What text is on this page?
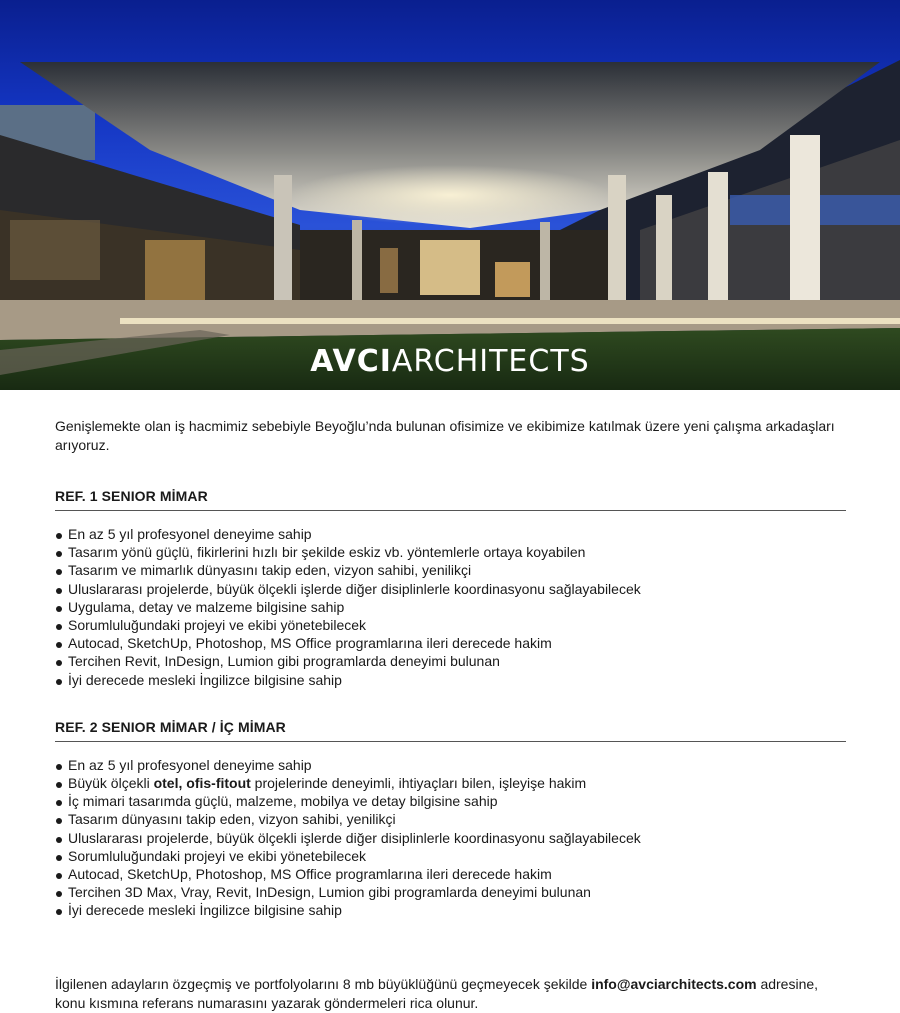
AVCIARCHITECTS

Genişlemekte olan iş hacmimiz sebebiyle Beyoğlu’nda bulunan ofisimize ve ekibimize katılmak üzere yeni çalışma arkadaşları arıyoruz.

REF. 1 SENIOR MİMAR
En az 5 yıl profesyonel deneyime sahip
Tasarım yönü güçlü, fikirlerini hızlı bir şekilde eskiz vb. yöntemlerle ortaya koyabilen
Tasarım ve mimarlık dünyasını takip eden, vizyon sahibi, yenilikçi
Uluslararası projelerde, büyük ölçekli işlerde diğer disiplinlerle koordinasyonu sağlayabilecek
Uygulama, detay ve malzeme bilgisine sahip
Sorumluluğundaki projeyi ve ekibi yönetebilecek
Autocad, SketchUp, Photoshop, MS Office programlarına ileri derecede hakim
Tercihen Revit, InDesign, Lumion gibi programlarda deneyimi bulunan
İyi derecede mesleki İngilizce bilgisine sahip
REF. 2 SENIOR MİMAR / İÇ MİMAR
En az 5 yıl profesyonel deneyime sahip
Büyük ölçekli otel, ofis-fitout projelerinde deneyimli, ihtiyaçları bilen, işleyişe hakim
İç mimari tasarımda güçlü, malzeme, mobilya ve detay bilgisine sahip
Tasarım dünyasını takip eden, vizyon sahibi, yenilikçi
Uluslararası projelerde, büyük ölçekli işlerde diğer disiplinlerle koordinasyonu sağlayabilecek
Sorumluluğundaki projeyi ve ekibi yönetebilecek
Autocad, SketchUp, Photoshop, MS Office programlarına ileri derecede hakim
Tercihen 3D Max, Vray, Revit, InDesign, Lumion gibi programlarda deneyimi bulunan
İyi derecede mesleki İngilizce bilgisine sahip

İlgilenen adayların özgeçmiş ve portfolyolarını 8 mb büyüklüğünü geçmeyecek şekilde info@avciarchitects.com adresine, konu kısmına referans numarasını yazarak göndermeleri rica olunur.
